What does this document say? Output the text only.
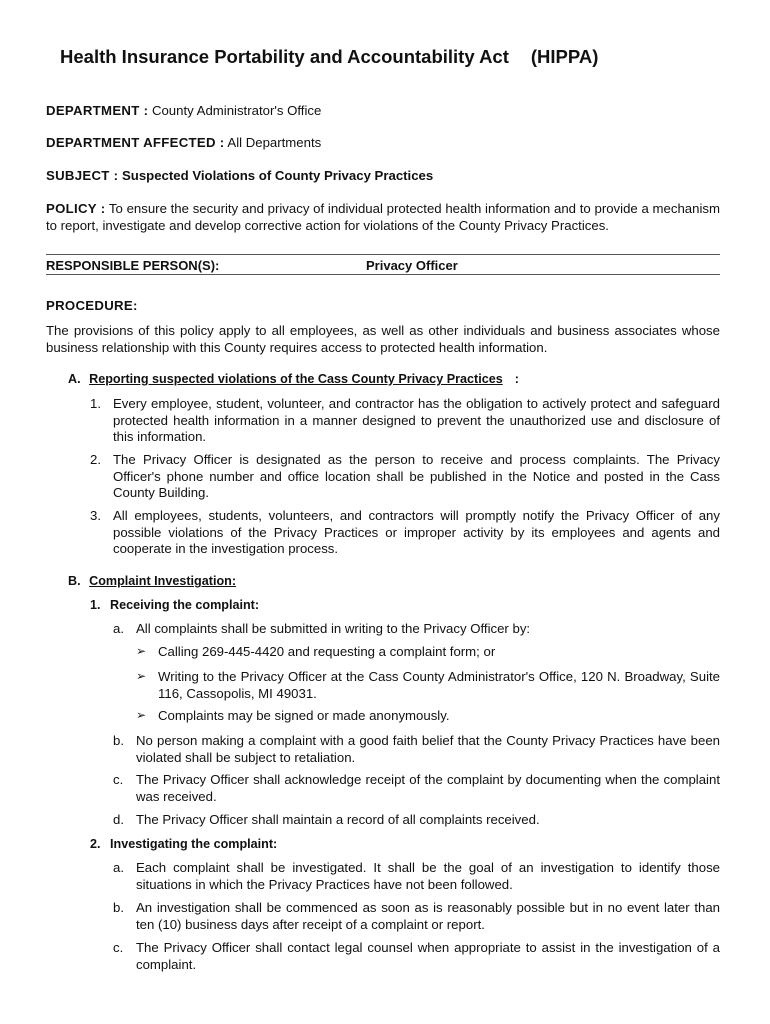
Health Insurance Portability and Accountability Act (HIPPA)
DEPARTMENT : County Administrator's Office
DEPARTMENT AFFECTED : All Departments
SUBJECT : Suspected Violations of County Privacy Practices
POLICY : To ensure the security and privacy of individual protected health information and to provide a mechanism to report, investigate and develop corrective action for violations of the County Privacy Practices.
RESPONSIBLE PERSON(S):	Privacy Officer
PROCEDURE:
The provisions of this policy apply to all employees, as well as other individuals and business associates whose business relationship with this County requires access to protected health information.
A. Reporting suspected violations of the Cass County Privacy Practices :
1. Every employee, student, volunteer, and contractor has the obligation to actively protect and safeguard protected health information in a manner designed to prevent the unauthorized use and disclosure of this information.
2. The Privacy Officer is designated as the person to receive and process complaints. The Privacy Officer's phone number and office location shall be published in the Notice and posted in the Cass County Building.
3. All employees, students, volunteers, and contractors will promptly notify the Privacy Officer of any possible violations of the Privacy Practices or improper activity by its employees and agents and cooperate in the investigation process.
B. Complaint Investigation:
1. Receiving the complaint:
a. All complaints shall be submitted in writing to the Privacy Officer by:
➢ Calling 269-445-4420 and requesting a complaint form; or
➢ Writing to the Privacy Officer at the Cass County Administrator's Office, 120 N. Broadway, Suite 116, Cassopolis, MI 49031.
➢ Complaints may be signed or made anonymously.
b. No person making a complaint with a good faith belief that the County Privacy Practices have been violated shall be subject to retaliation.
c. The Privacy Officer shall acknowledge receipt of the complaint by documenting when the complaint was received.
d. The Privacy Officer shall maintain a record of all complaints received.
2. Investigating the complaint:
a. Each complaint shall be investigated. It shall be the goal of an investigation to identify those situations in which the Privacy Practices have not been followed.
b. An investigation shall be commenced as soon as is reasonably possible but in no event later than ten (10) business days after receipt of a complaint or report.
c. The Privacy Officer shall contact legal counsel when appropriate to assist in the investigation of a complaint.
